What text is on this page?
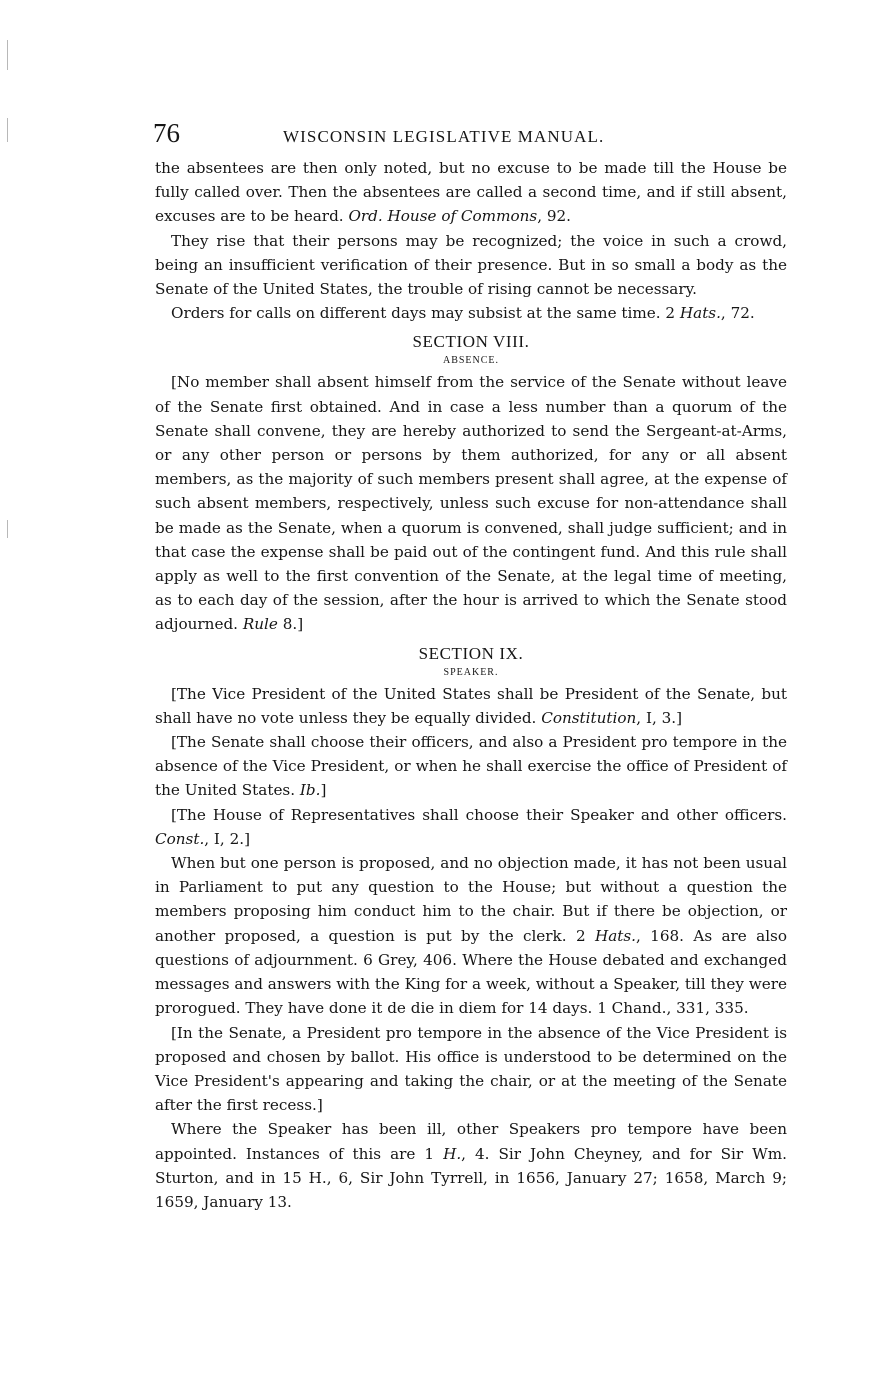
76	WISCONSIN LEGISLATIVE MANUAL.

the absentees are then only noted, but no excuse to be made till the House be fully called over. Then the absentees are called a second time, and if still absent, excuses are to be heard. Ord. House of Commons, 92.

They rise that their persons may be recognized; the voice in such a crowd, being an insufficient verification of their presence. But in so small a body as the Senate of the United States, the trouble of rising cannot be necessary.

Orders for calls on different days may subsist at the same time. 2 Hats., 72.

SECTION VIII.
ABSENCE.

[No member shall absent himself from the service of the Senate without leave of the Senate first obtained. And in case a less number than a quorum of the Senate shall convene, they are hereby authorized to send the Sergeant-at-Arms, or any other person or persons by them authorized, for any or all absent members, as the majority of such members present shall agree, at the expense of such absent members, respectively, unless such excuse for non-attendance shall be made as the Senate, when a quorum is convened, shall judge sufficient; and in that case the expense shall be paid out of the contingent fund. And this rule shall apply as well to the first convention of the Senate, at the legal time of meeting, as to each day of the session, after the hour is arrived to which the Senate stood adjourned. Rule 8.]

SECTION IX.
SPEAKER.

[The Vice President of the United States shall be President of the Senate, but shall have no vote unless they be equally divided. Constitution, I, 3.]

[The Senate shall choose their officers, and also a President pro tempore in the absence of the Vice President, or when he shall exercise the office of President of the United States. Ib.]

[The House of Representatives shall choose their Speaker and other officers. Const., I, 2.]

When but one person is proposed, and no objection made, it has not been usual in Parliament to put any question to the House; but without a question the members proposing him conduct him to the chair. But if there be objection, or another proposed, a question is put by the clerk. 2 Hats., 168. As are also questions of adjournment. 6 Grey, 406. Where the House debated and exchanged messages and answers with the King for a week, without a Speaker, till they were prorogued. They have done it de die in diem for 14 days. 1 Chand., 331, 335.

[In the Senate, a President pro tempore in the absence of the Vice President is proposed and chosen by ballot. His office is understood to be determined on the Vice President's appearing and taking the chair, or at the meeting of the Senate after the first recess.]

Where the Speaker has been ill, other Speakers pro tempore have been appointed. Instances of this are 1 H., 4. Sir John Cheyney, and for Sir Wm. Sturton, and in 15 H., 6, Sir John Tyrrell, in 1656, January 27; 1658, March 9; 1659, January 13.
